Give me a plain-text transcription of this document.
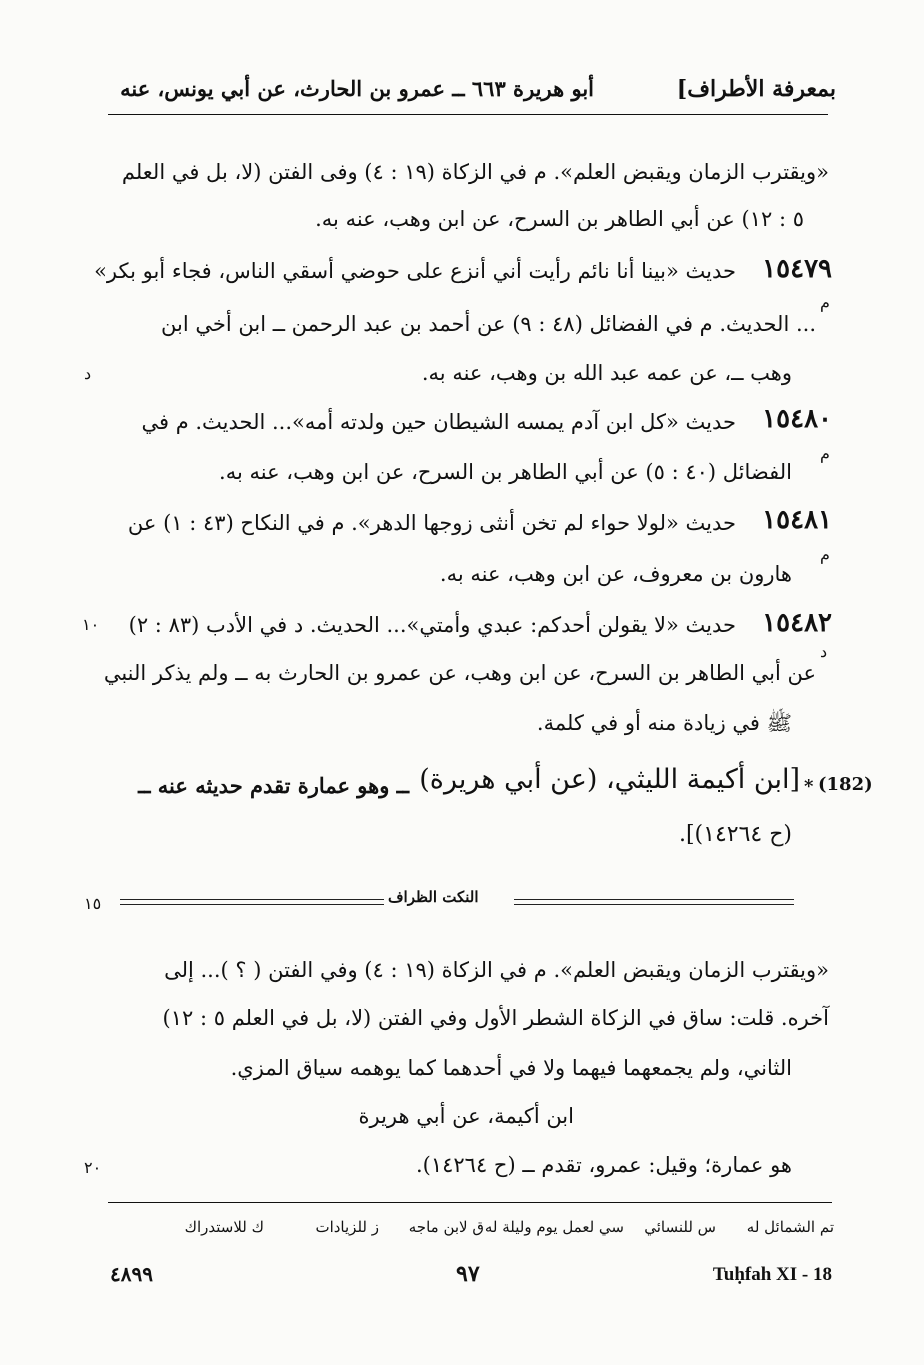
بمعرفة الأطراف]
أبو هريرة ٦٦٣ ــ عمرو بن الحارث، عن أبي يونس، عنه
«ويقترب الزمان ويقبض العلم». م في الزكاة (١٩ : ٤) وفى الفتن (لا، بل في العلم
٥ : ١٢) عن أبي الطاهر بن السرح، عن ابن وهب، عنه به.
١٥٤٧٩
حديث «بينا أنا نائم رأيت أني أنزع على حوضي أسقي الناس، فجاء أبو بكر»
م
... الحديث. م في الفضائل (٤٨ : ٩) عن أحمد بن عبد الرحمن ــ ابن أخي ابن
وهب ــ، عن عمه عبد الله بن وهب، عنه به.
د
١٥٤٨٠
حديث «كل ابن آدم يمسه الشيطان حين ولدته أمه»... الحديث. م في
م
الفضائل (٤٠ : ٥) عن أبي الطاهر بن السرح، عن ابن وهب، عنه به.
١٥٤٨١
حديث «لولا حواء لم تخن أنثى زوجها الدهر». م في النكاح (٤٣ : ١) عن
م
هارون بن معروف، عن ابن وهب، عنه به.
١٥٤٨٢
حديث «لا يقولن أحدكم: عبدي وأمتي»... الحديث. د في الأدب (٨٣ : ٢)
١٠
د
عن أبي الطاهر بن السرح، عن ابن وهب، عن عمرو بن الحارث به ــ ولم يذكر النبي
ﷺ في زيادة منه أو في كلمة.
(182)
*
[ابن أكيمة الليثي، (عن أبي هريرة)
ــ وهو عمارة تقدم حديثه عنه ــ
(ح ١٤٢٦٤)].
١٥	النكت الظراف
«ويقترب الزمان ويقبض العلم». م في الزكاة (١٩ : ٤) وفي الفتن ( ؟ )... إلى
آخره. قلت: ساق في الزكاة الشطر الأول وفي الفتن (لا، بل في العلم ٥ : ١٢)
الثاني، ولم يجمعهما فيهما ولا في أحدهما كما يوهمه سياق المزي.
ابن أكيمة، عن أبي هريرة
٢٠	هو عمارة؛ وقيل: عمرو، تقدم ــ (ح ١٤٢٦٤).
تم الشمائل له
س للنسائي
سي لعمل يوم وليلة له
ق لابن ماجه
ز للزيادات
ك للاستدراك
Tuḥfah XI - 18
٩٧
٤٨٩٩
